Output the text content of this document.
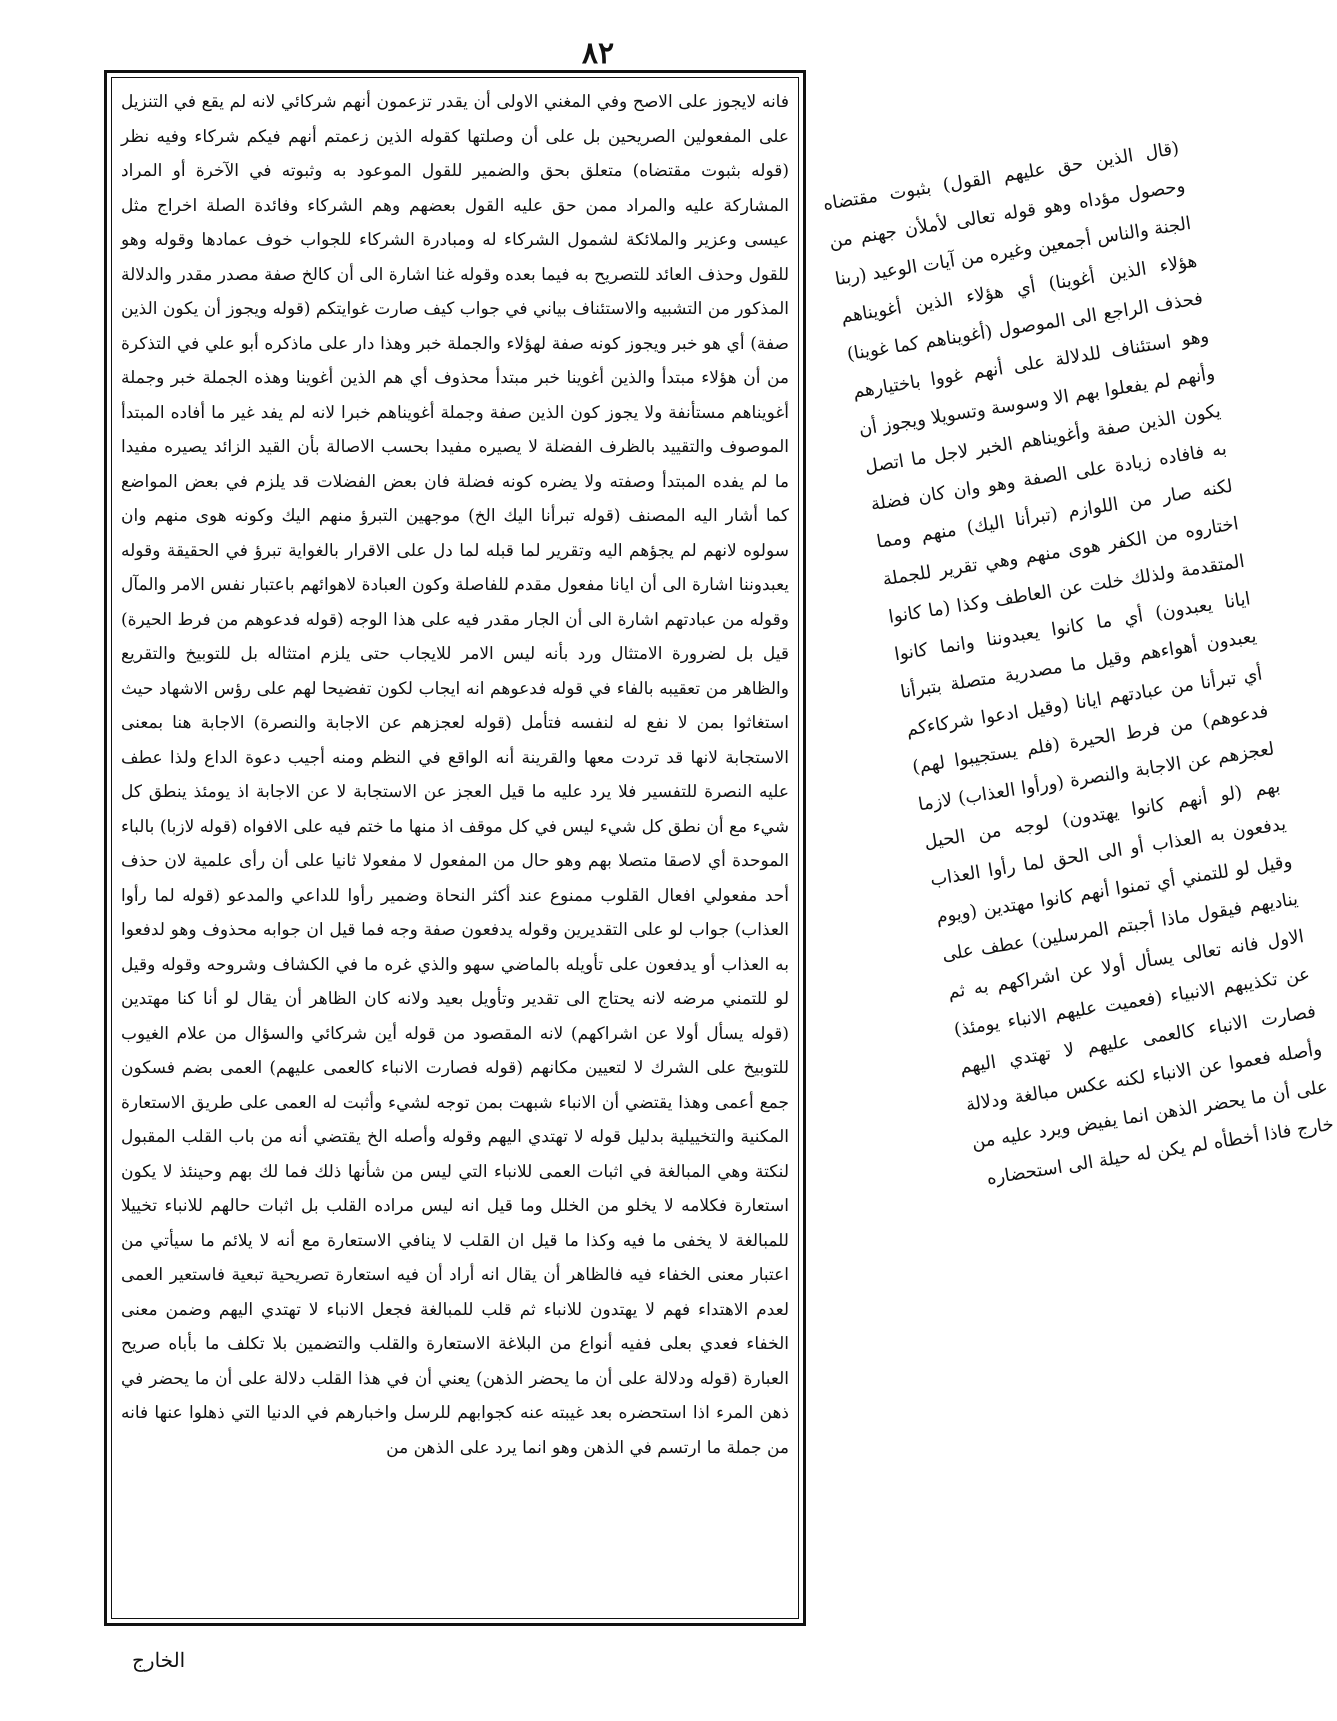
٨٢

فانه لايجوز على الاصح وفي المغني الاولى أن يقدر تزعمون أنهم شركائي لانه لم يقع في التنزيل على المفعولين الصريحين بل على أن وصلتها كقوله الذين زعمتم أنهم فيكم شركاء وفيه نظر (قوله بثبوت مقتضاه) متعلق بحق والضمير للقول الموعود به وثبوته في الآخرة أو المراد المشاركة عليه والمراد ممن حق عليه القول بعضهم وهم الشركاء وفائدة الصلة اخراج مثل عيسى وعزير والملائكة لشمول الشركاء له ومبادرة الشركاء للجواب خوف عمادها وقوله وهو للقول وحذف العائد للتصريح به فيما بعده وقوله غنا اشارة الى أن كالخ صفة مصدر مقدر والدلالة المذكور من التشبيه والاستئناف بياني في جواب كيف صارت غوايتكم (قوله ويجوز أن يكون الذين صفة) أي هو خبر ويجوز كونه صفة لهؤلاء والجملة خبر وهذا دار على ماذكره أبو علي في التذكرة من أن هؤلاء مبتدأ والذين أغوينا خبر مبتدأ محذوف أي هم الذين أغوينا وهذه الجملة خبر وجملة أغويناهم مستأنفة ولا يجوز كون الذين صفة وجملة أغويناهم خبرا لانه لم يفد غير ما أفاده المبتدأ الموصوف والتقييد بالظرف الفضلة لا يصيره مفيدا بحسب الاصالة بأن القيد الزائد يصيره مفيدا ما لم يفده المبتدأ وصفته ولا يضره كونه فضلة فان بعض الفضلات قد يلزم في بعض المواضع كما أشار اليه المصنف (قوله تبرأنا اليك الخ) موجهين التبرؤ منهم اليك وكونه هوى منهم وان سولوه لانهم لم يجؤهم اليه وتقرير لما قبله لما دل على الاقرار بالغواية تبرؤ في الحقيقة وقوله يعبدوننا اشارة الى أن ايانا مفعول مقدم للفاصلة وكون العبادة لاهوائهم باعتبار نفس الامر والمآل وقوله من عبادتهم اشارة الى أن الجار مقدر فيه على هذا الوجه (قوله فدعوهم من فرط الحيرة) قيل بل لضرورة الامتثال ورد بأنه ليس الامر للايجاب حتى يلزم امتثاله بل للتوبيخ والتقريع والظاهر من تعقيبه بالفاء في قوله فدعوهم انه ايجاب لكون تفضيحا لهم على رؤس الاشهاد حيث استغاثوا بمن لا نفع له لنفسه فتأمل (قوله لعجزهم عن الاجابة والنصرة) الاجابة هنا بمعنى الاستجابة لانها قد تردت معها والقرينة أنه الواقع في النظم ومنه أجيب دعوة الداع ولذا عطف عليه النصرة للتفسير فلا يرد عليه ما قيل العجز عن الاستجابة لا عن الاجابة اذ يومئذ ينطق كل شيء مع أن نطق كل شيء ليس في كل موقف اذ منها ما ختم فيه على الافواه (قوله لازبا) بالباء الموحدة أي لاصقا متصلا بهم وهو حال من المفعول لا مفعولا ثانيا على أن رأى علمية لان حذف أحد مفعولي افعال القلوب ممنوع عند أكثر النحاة وضمير رأوا للداعي والمدعو (قوله لما رأوا العذاب) جواب لو على التقديرين وقوله يدفعون صفة وجه فما قيل ان جوابه محذوف وهو لدفعوا به العذاب أو يدفعون على تأويله بالماضي سهو والذي غره ما في الكشاف وشروحه وقوله وقيل لو للتمني مرضه لانه يحتاج الى تقدير وتأويل بعيد ولانه كان الظاهر أن يقال لو أنا كنا مهتدين (قوله يسأل أولا عن اشراكهم) لانه المقصود من قوله أين شركائي والسؤال من علام الغيوب للتوبيخ على الشرك لا لتعيين مكانهم (قوله فصارت الانباء كالعمى عليهم) العمى بضم فسكون جمع أعمى وهذا يقتضي أن الانباء شبهت بمن توجه لشيء وأثبت له العمى على طريق الاستعارة المكنية والتخييلية بدليل قوله لا تهتدي اليهم وقوله وأصله الخ يقتضي أنه من باب القلب المقبول لنكتة وهي المبالغة في اثبات العمى للانباء التي ليس من شأنها ذلك فما لك بهم وحينئذ لا يكون استعارة فكلامه لا يخلو من الخلل وما قيل انه ليس مراده القلب بل اثبات حالهم للانباء تخييلا للمبالغة لا يخفى ما فيه وكذا ما قيل ان القلب لا ينافي الاستعارة مع أنه لا يلائم ما سيأتي من اعتبار معنى الخفاء فيه فالظاهر أن يقال انه أراد أن فيه استعارة تصريحية تبعية فاستعير العمى لعدم الاهتداء فهم لا يهتدون للانباء ثم قلب للمبالغة فجعل الانباء لا تهتدي اليهم وضمن معنى الخفاء فعدي بعلى ففيه أنواع من البلاغة الاستعارة والقلب والتضمين بلا تكلف ما بأباه صريح العبارة (قوله ودلالة على أن ما يحضر الذهن) يعني أن في هذا القلب دلالة على أن ما يحضر في ذهن المرء اذا استحضره بعد غيبته عنه كجوابهم للرسل واخبارهم في الدنيا التي ذهلوا عنها فانه من جملة ما ارتسم في الذهن وهو انما يرد على الذهن من

(قال الذين حق عليهم القول) بثبوت مقتضاه وحصول مؤداه وهو قوله تعالى لأملأن جهنم من الجنة والناس أجمعين وغيره من آيات الوعيد (ربنا هؤلاء الذين أغوينا) أي هؤلاء الذين أغويناهم فحذف الراجع الى الموصول (أغويناهم كما غوينا) وهو استئناف للدلالة على أنهم غووا باختيارهم وأنهم لم يفعلوا بهم الا وسوسة وتسويلا ويجوز أن يكون الذين صفة وأغويناهم الخبر لاجل ما اتصل به فافاده زيادة على الصفة وهو وان كان فضلة لكنه صار من اللوازم (تبرأنا اليك) منهم ومما اختاروه من الكفر هوى منهم وهي تقرير للجملة المتقدمة ولذلك خلت عن العاطف وكذا (ما كانوا ايانا يعبدون) أي ما كانوا يعبدوننا وانما كانوا يعبدون أهواءهم وقيل ما مصدرية متصلة بتبرأنا أي تبرأنا من عبادتهم ايانا (وقيل ادعوا شركاءكم فدعوهم) من فرط الحيرة (فلم يستجيبوا لهم) لعجزهم عن الاجابة والنصرة (ورأوا العذاب) لازما بهم (لو أنهم كانوا يهتدون) لوجه من الحيل يدفعون به العذاب أو الى الحق لما رأوا العذاب وقيل لو للتمني أي تمنوا أنهم كانوا مهتدين (ويوم يناديهم فيقول ماذا أجبتم المرسلين) عطف على الاول فانه تعالى يسأل أولا عن اشراكهم به ثم عن تكذيبهم الانبياء (فعميت عليهم الانباء يومئذ) فصارت الانباء كالعمى عليهم لا تهتدي اليهم وأصله فعموا عن الانباء لكنه عكس مبالغة ودلالة على أن ما يحضر الذهن انما يفيض ويرد عليه من خارج فاذا أخطأه لم يكن له حيلة الى استحضاره

الخارج
